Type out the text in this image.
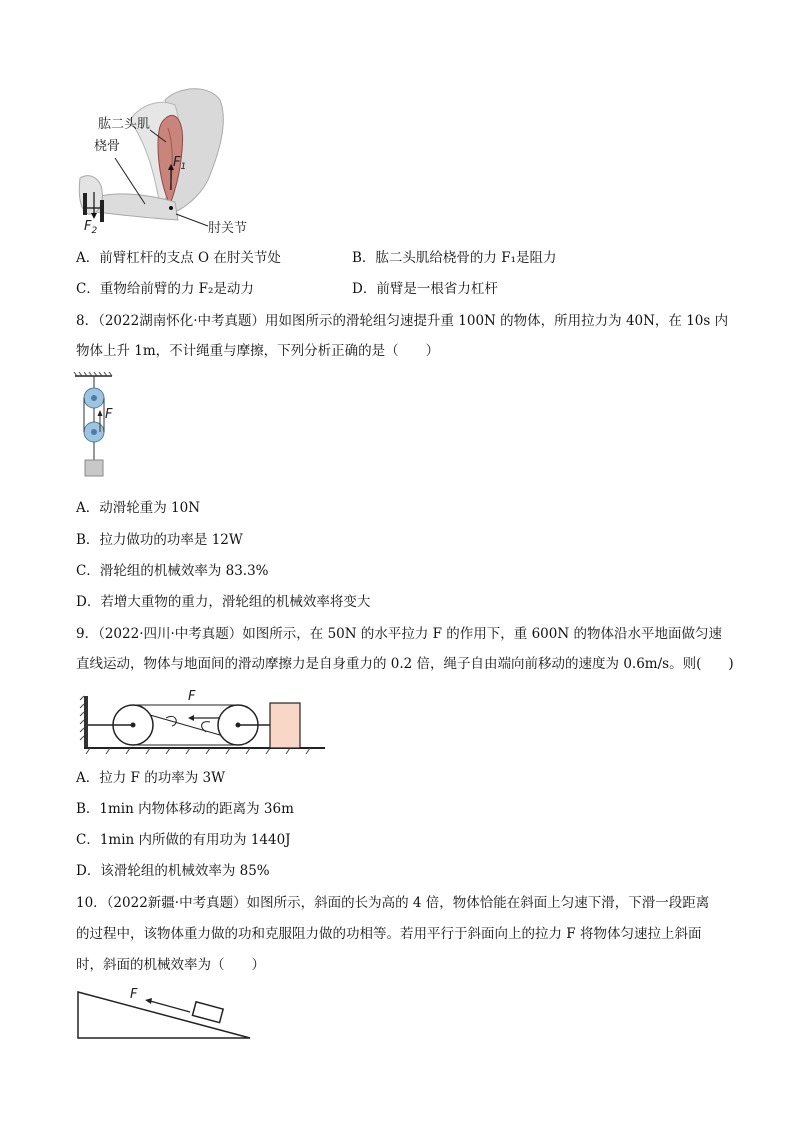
肱二头肌
桡骨
肘关节
$F_1$
$F_2$
A．前臂杠杆的支点 O 在肘关节处	B．肱二头肌给桡骨的力 F₁是阻力
C．重物给前臂的力 F₂是动力	D．前臂是一根省力杠杆
8．（2022湖南怀化·中考真题）用如图所示的滑轮组匀速提升重 100N 的物体，所用拉力为 40N，在 10s 内
物体上升 1m，不计绳重与摩擦，下列分析正确的是（　　）
F
A．动滑轮重为 10N
B．拉力做功的功率是 12W
C．滑轮组的机械效率为 83.3%
D．若增大重物的重力，滑轮组的机械效率将变大
9．（2022·四川·中考真题）如图所示，在 50N 的水平拉力 F 的作用下，重 600N 的物体沿水平地面做匀速
直线运动，物体与地面间的滑动摩擦力是自身重力的 0.2 倍，绳子自由端向前移动的速度为 0.6m/s。则(　　)
F
A．拉力 F 的功率为 3W
B．1min 内物体移动的距离为 36m
C．1min 内所做的有用功为 1440J
D．该滑轮组的机械效率为 85%
10．（2022新疆·中考真题）如图所示，斜面的长为高的 4 倍，物体恰能在斜面上匀速下滑，下滑一段距离
的过程中，该物体重力做的功和克服阻力做的功相等。若用平行于斜面向上的拉力 F 将物体匀速拉上斜面
时，斜面的机械效率为（　　）
F
